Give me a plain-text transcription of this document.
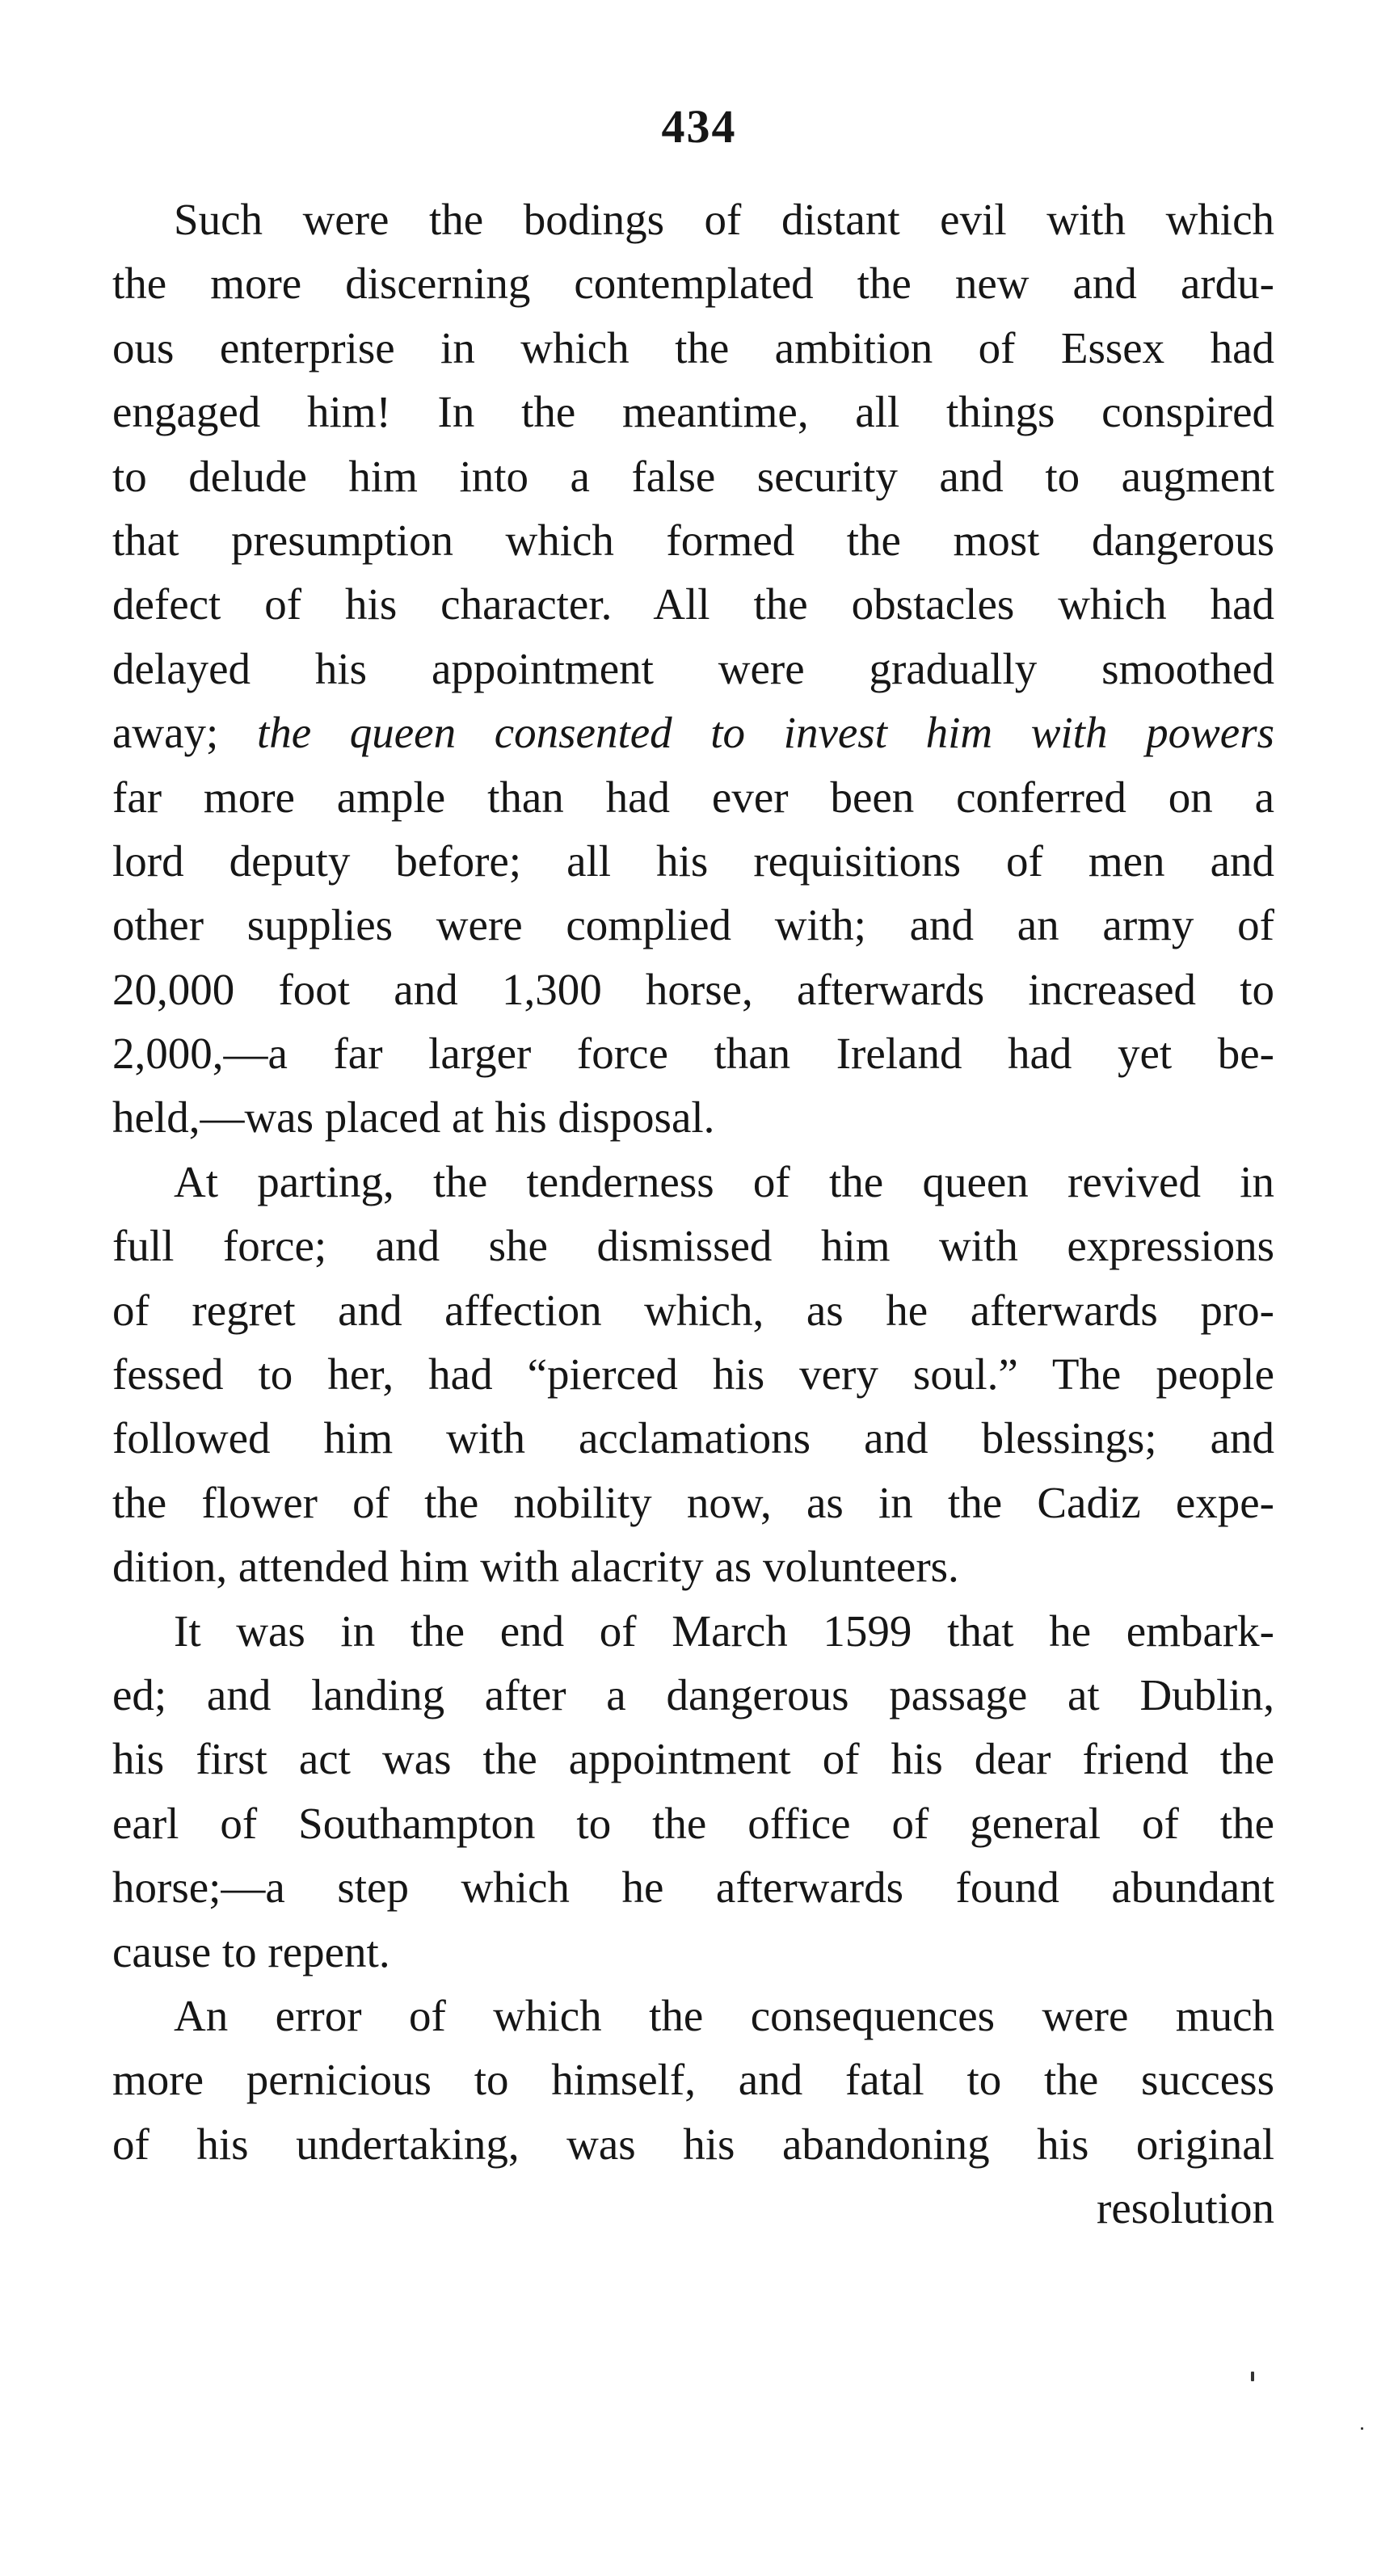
434
Such were the bodings of distant evil with which
the more discerning contemplated the new and ardu-
ous enterprise in which the ambition of Essex had
engaged him! In the meantime, all things conspired
to delude him into a false security and to augment
that presumption which formed the most dangerous
defect of his character. All the obstacles which had
delayed his appointment were gradually smoothed
away; the queen consented to invest him with powers
far more ample than had ever been conferred on a
lord deputy before; all his requisitions of men and
other supplies were complied with; and an army of
20,000 foot and 1,300 horse, afterwards increased to
2,000,—a far larger force than Ireland had yet be-
held,—was placed at his disposal.
At parting, the tenderness of the queen revived in
full force; and she dismissed him with expressions
of regret and affection which, as he afterwards pro-
fessed to her, had “pierced his very soul.” The people
followed him with acclamations and blessings; and
the flower of the nobility now, as in the Cadiz expe-
dition, attended him with alacrity as volunteers.
It was in the end of March 1599 that he embark-
ed; and landing after a dangerous passage at Dublin,
his first act was the appointment of his dear friend the
earl of Southampton to the office of general of the
horse;—a step which he afterwards found abundant
cause to repent.
An error of which the consequences were much
more pernicious to himself, and fatal to the success
of his undertaking, was his abandoning his original
resolution
